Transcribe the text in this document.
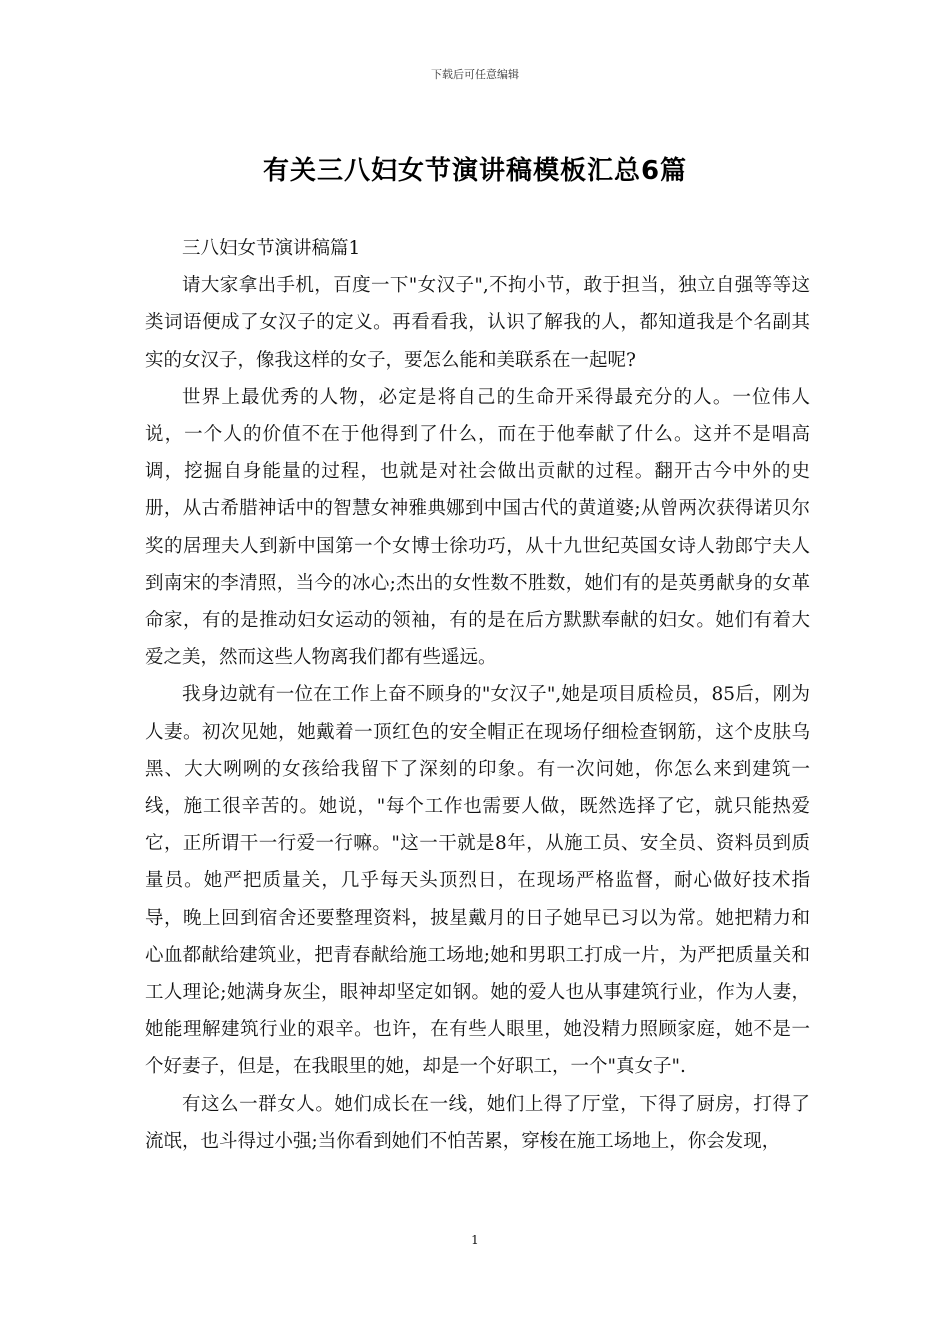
下载后可任意编辑
有关三八妇女节演讲稿模板汇总6篇

三八妇女节演讲稿篇1

请大家拿出手机，百度一下"女汉子",不拘小节，敢于担当，独立自强等等这类词语便成了女汉子的定义。再看看我，认识了解我的人，都知道我是个名副其实的女汉子，像我这样的女子，要怎么能和美联系在一起呢?

世界上最优秀的人物，必定是将自己的生命开采得最充分的人。一位伟人说，一个人的价值不在于他得到了什么，而在于他奉献了什么。这并不是唱高调，挖掘自身能量的过程，也就是对社会做出贡献的过程。翻开古今中外的史册，从古希腊神话中的智慧女神雅典娜到中国古代的黄道婆;从曾两次获得诺贝尔奖的居理夫人到新中国第一个女博士徐功巧，从十九世纪英国女诗人勃郎宁夫人到南宋的李清照，当今的冰心;杰出的女性数不胜数，她们有的是英勇献身的女革命家，有的是推动妇女运动的领袖，有的是在后方默默奉献的妇女。她们有着大爱之美，然而这些人物离我们都有些遥远。

我身边就有一位在工作上奋不顾身的"女汉子",她是项目质检员，85后，刚为人妻。初次见她，她戴着一顶红色的安全帽正在现场仔细检查钢筋，这个皮肤乌黑、大大咧咧的女孩给我留下了深刻的印象。有一次问她，你怎么来到建筑一线，施工很辛苦的。她说，"每个工作也需要人做，既然选择了它，就只能热爱它，正所谓干一行爱一行嘛。"这一干就是8年，从施工员、安全员、资料员到质量员。她严把质量关，几乎每天头顶烈日，在现场严格监督，耐心做好技术指导，晚上回到宿舍还要整理资料，披星戴月的日子她早已习以为常。她把精力和心血都献给建筑业，把青春献给施工场地;她和男职工打成一片，为严把质量关和工人理论;她满身灰尘，眼神却坚定如钢。她的爱人也从事建筑行业，作为人妻，她能理解建筑行业的艰辛。也许，在有些人眼里，她没精力照顾家庭，她不是一个好妻子，但是，在我眼里的她，却是一个好职工，一个"真女子".

有这么一群女人。她们成长在一线，她们上得了厅堂，下得了厨房，打得了流氓，也斗得过小强;当你看到她们不怕苦累，穿梭在施工场地上，你会发现，

1
